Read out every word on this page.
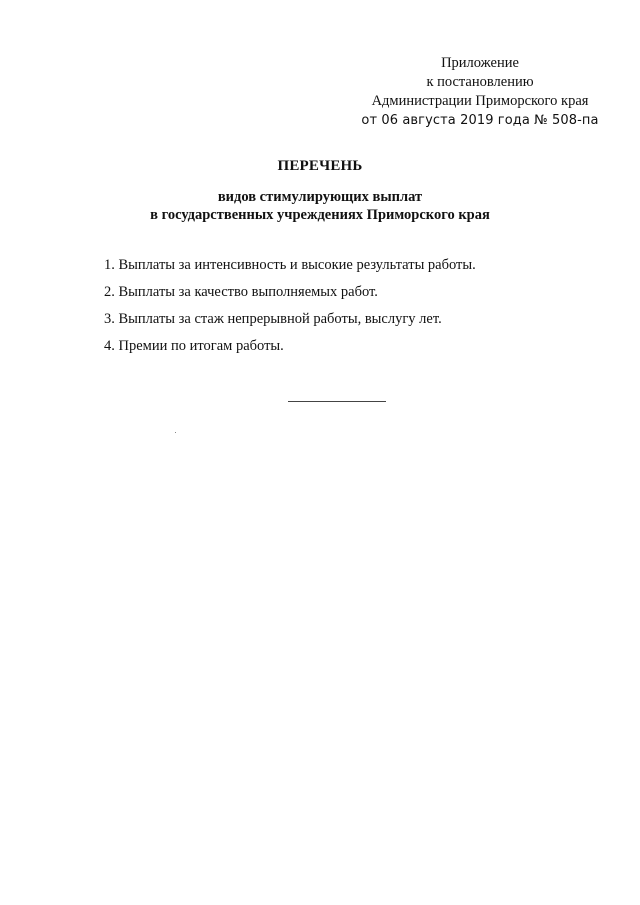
Приложение
к постановлению
Администрации Приморского края
от 06 августа 2019 года № 508-па
ПЕРЕЧЕНЬ
видов стимулирующих выплат
в государственных учреждениях Приморского края
1. Выплаты за интенсивность и высокие результаты работы.
2. Выплаты за качество выполняемых работ.
3. Выплаты за стаж непрерывной работы, выслугу лет.
4. Премии по итогам работы.
